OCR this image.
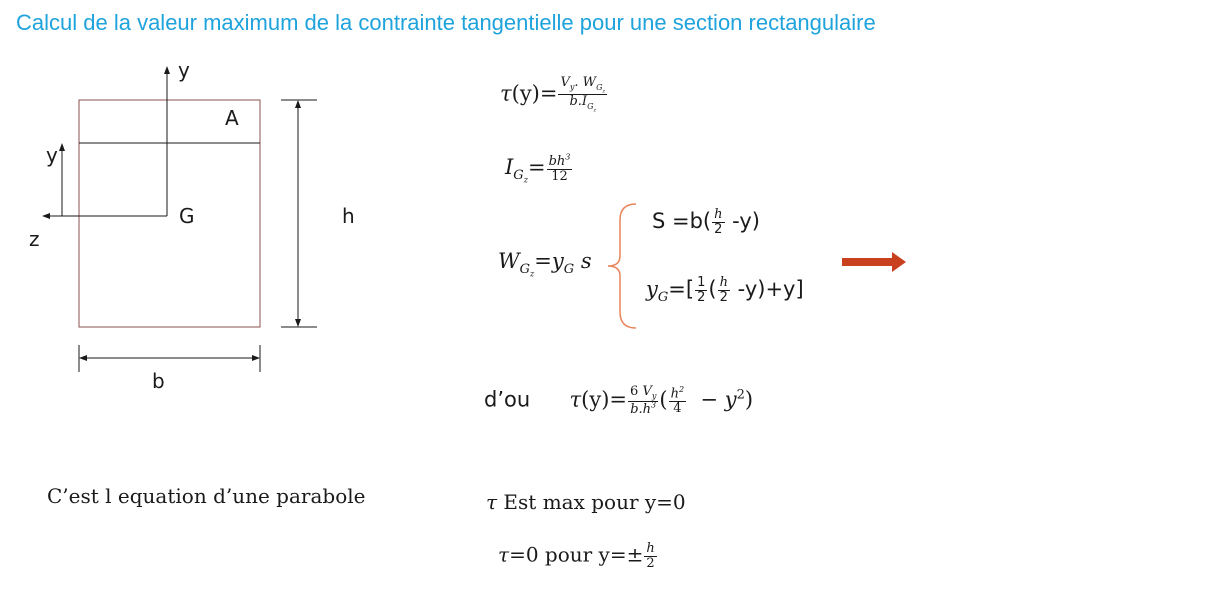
Calcul de la valeur maximum de la contrainte tangentielle pour une section rectangulaire
y
A
y
G
z
h
b
$\tau(y)= \frac{V_y. W_{G_z}}{b.I_{G_z}}$
$I_{G_z}= \frac{bh^3}{12}$
$W_{G_z}=y_G$ s
$S =b( \frac{h}{2} -y)$
$y_G=[ \frac{1}{2}$ ( $\frac{h}{2} -y)+y$]
d’ou $\tau(y)= \frac{6 V_y}{b.h^3}$ ( $\frac{h^2}{4} - y^2$)
C’est l equation d’une parabole	τ Est max pour y=0
τ=0 pour $y=\pm \frac{h}{2}$
